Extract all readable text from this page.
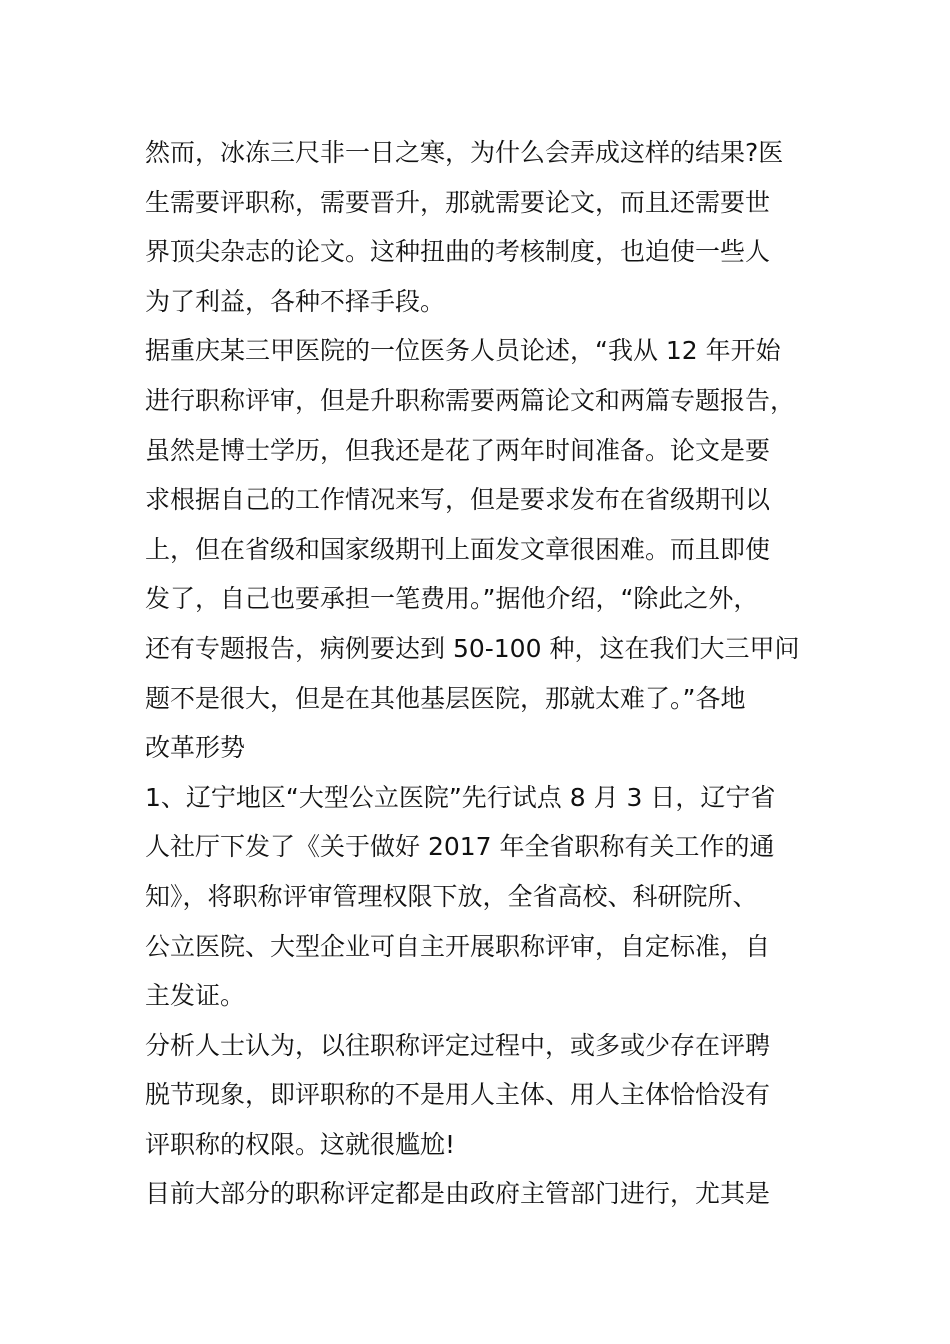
然而，冰冻三尺非一日之寒，为什么会弄成这样的结果?医
生需要评职称，需要晋升，那就需要论文，而且还需要世
界顶尖杂志的论文。这种扭曲的考核制度，也迫使一些人
为了利益，各种不择手段。
据重庆某三甲医院的一位医务人员论述，“我从 12 年开始
进行职称评审，但是升职称需要两篇论文和两篇专题报告，
虽然是博士学历，但我还是花了两年时间准备。论文是要
求根据自己的工作情况来写，但是要求发布在省级期刊以
上，但在省级和国家级期刊上面发文章很困难。而且即使
发了，自己也要承担一笔费用。”据他介绍，“除此之外，
还有专题报告，病例要达到 50-100 种，这在我们大三甲问
题不是很大，但是在其他基层医院，那就太难了。”各地
改革形势
1、辽宁地区“大型公立医院”先行试点 8 月 3 日，辽宁省
人社厅下发了《关于做好 2017 年全省职称有关工作的通
知》，将职称评审管理权限下放，全省高校、科研院所、
公立医院、大型企业可自主开展职称评审，自定标准，自
主发证。
分析人士认为，以往职称评定过程中，或多或少存在评聘
脱节现象，即评职称的不是用人主体、用人主体恰恰没有
评职称的权限。这就很尴尬!
目前大部分的职称评定都是由政府主管部门进行，尤其是
